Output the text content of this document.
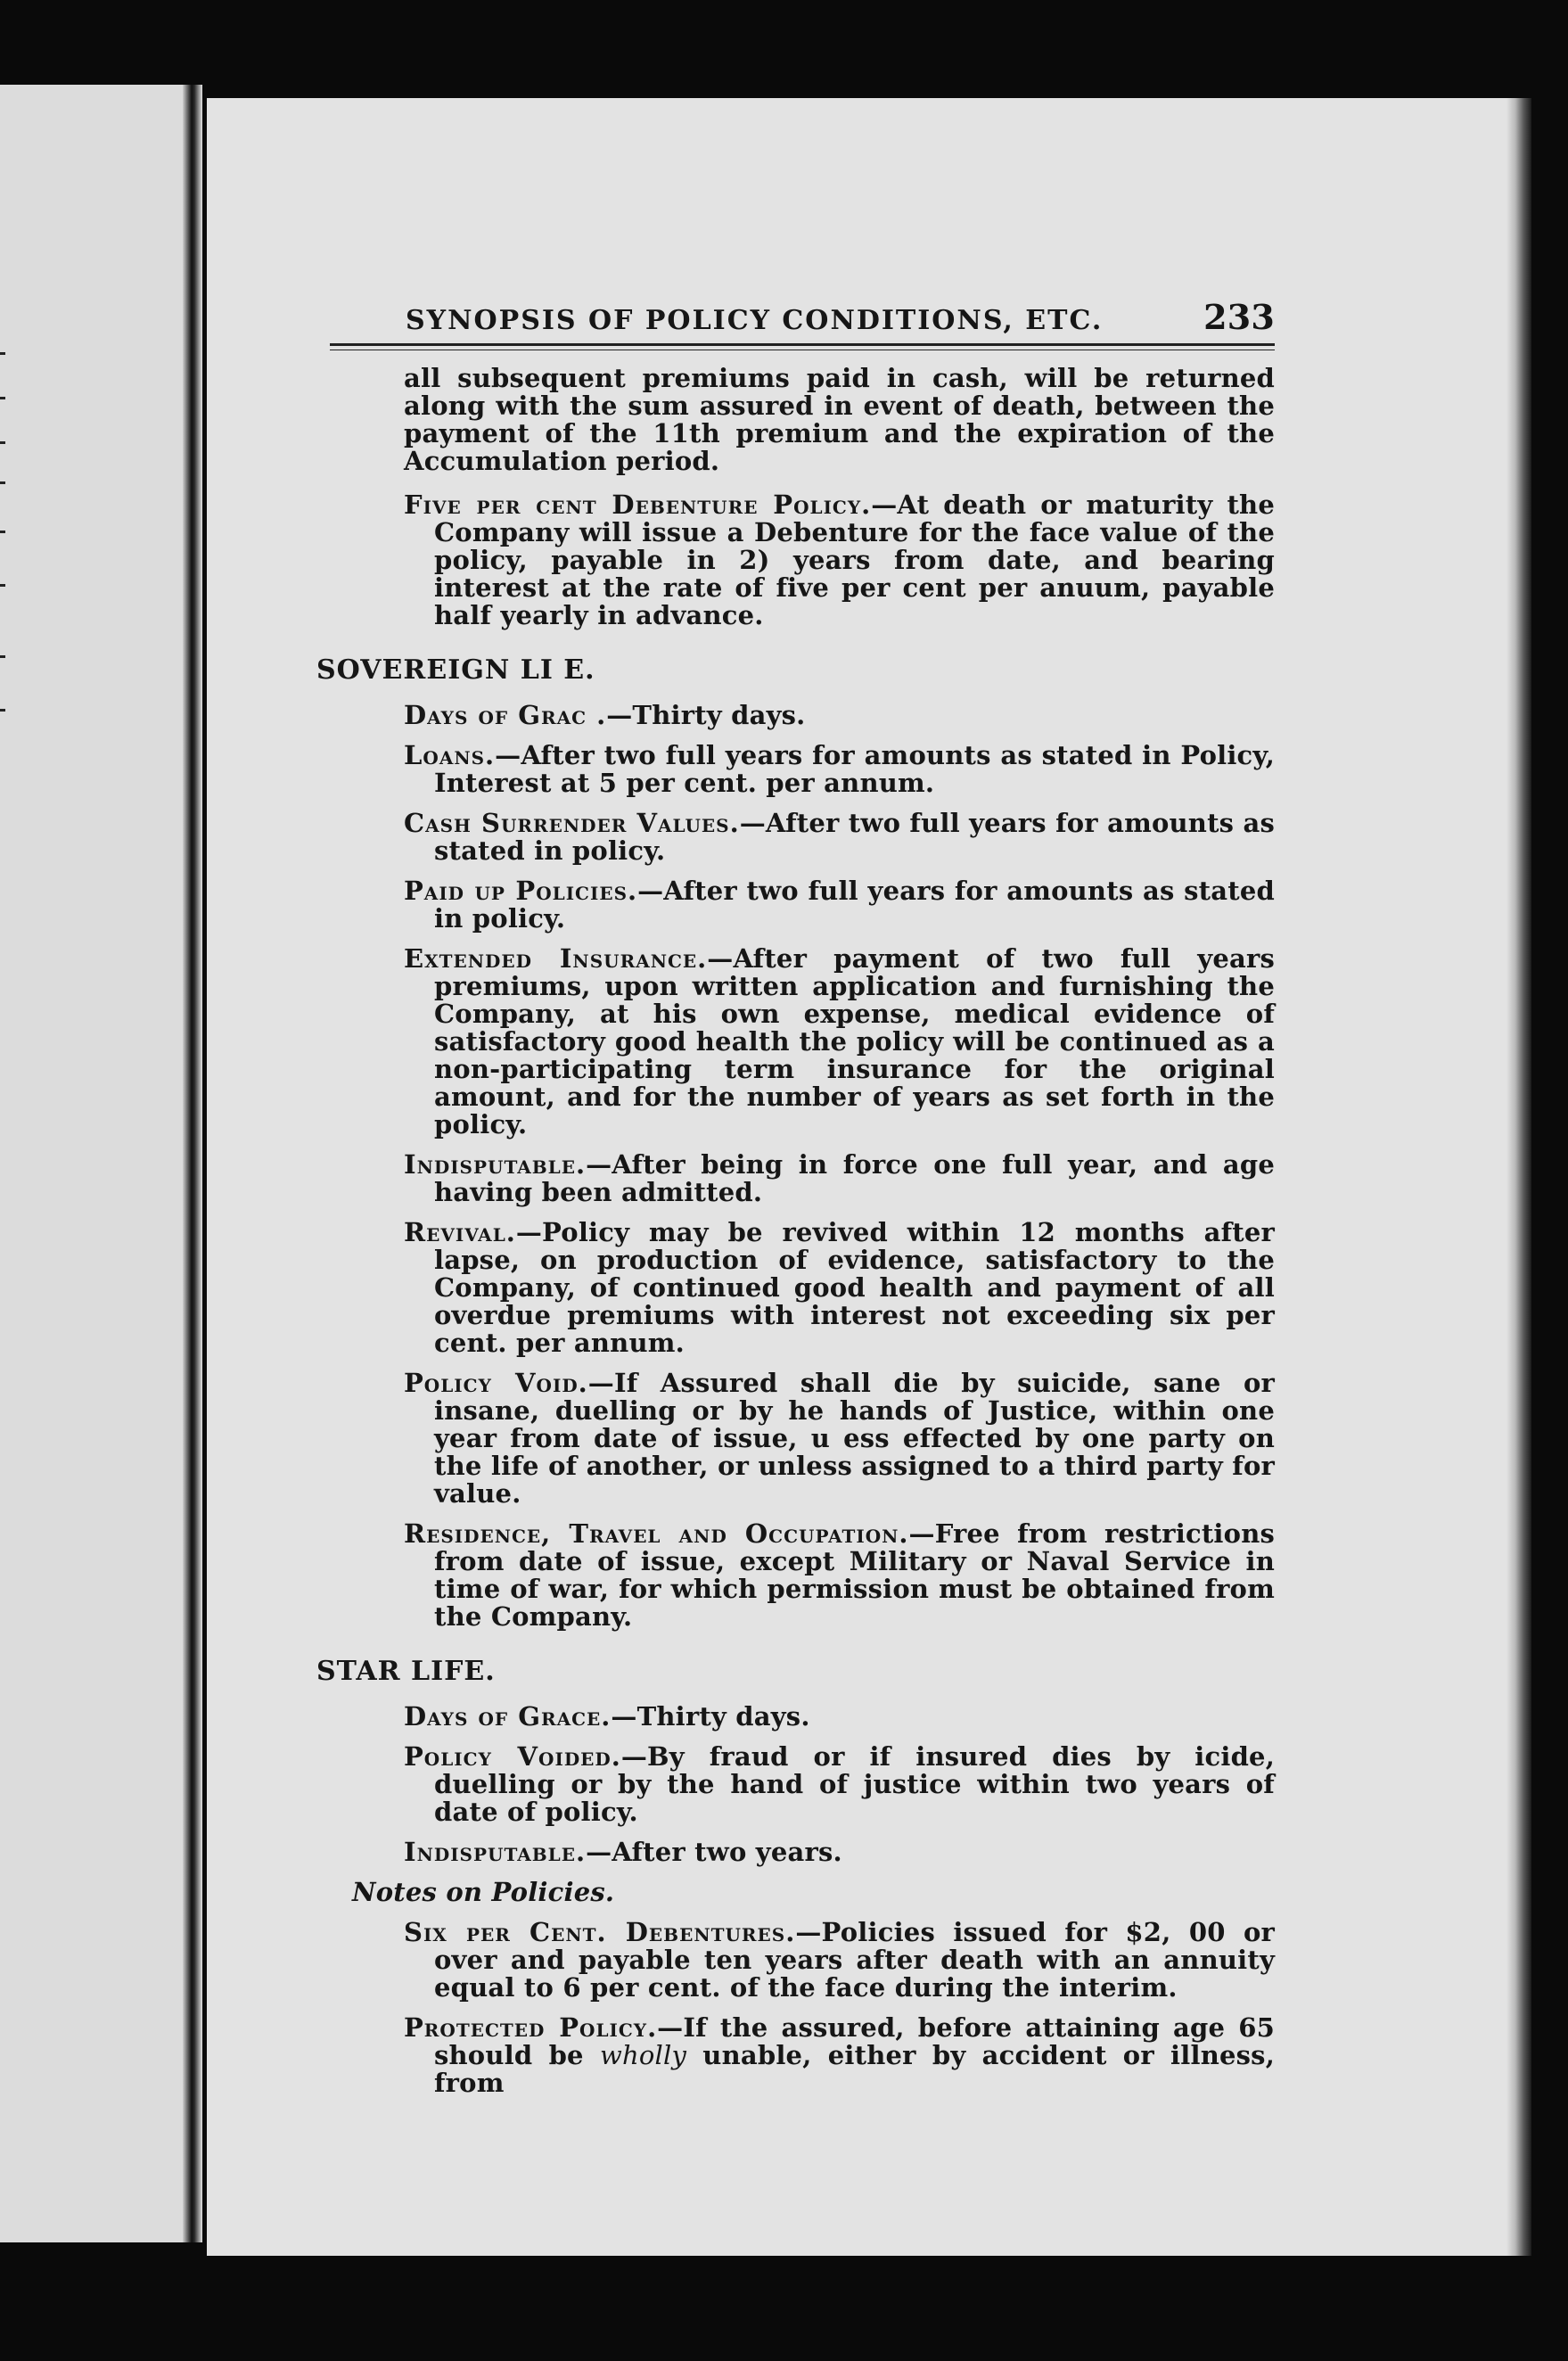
SYNOPSIS OF POLICY CONDITIONS, ETC.	233

all subsequent premiums paid in cash, will be returned along with the sum assured in event of death, between the payment of the 11th premium and the expiration of the Accumulation period.

Five per cent Debenture Policy.—At death or maturity the Company will issue a Debenture for the face value of the policy, payable in 2) years from date, and bearing interest at the rate of five per cent per anuum, payable half yearly in advance.

SOVEREIGN LI E.

Days of Grac .—Thirty days.

Loans.—After two full years for amounts as stated in Policy, Interest at 5 per cent. per annum.

Cash Surrender Values.—After two full years for amounts as stated in policy.

Paid up Policies.—After two full years for amounts as stated in policy.

Extended Insurance.—After payment of two full years premiums, upon written application and furnishing the Company, at his own expense, medical evidence of satisfactory good health the policy will be continued as a non-participating term insurance for the original amount, and for the number of years as set forth in the policy.

Indisputable.—After being in force one full year, and age having been admitted.

Revival.—Policy may be revived within 12 months after lapse, on production of evidence, satisfactory to the Company, of continued good health and payment of all overdue premiums with interest not exceeding six per cent. per annum.

Policy Void.—If Assured shall die by suicide, sane or insane, duelling or by he hands of Justice, within one year from date of issue, u ess effected by one party on the life of another, or unless assigned to a third party for value.

Residence, Travel and Occupation.—Free from restrictions from date of issue, except Military or Naval Service in time of war, for which permission must be obtained from the Company.

STAR LIFE.

Days of Grace.—Thirty days.

Policy Voided.—By fraud or if insured dies by icide, duelling or by the hand of justice within two years of date of policy.

Indisputable.—After two years.

Notes on Policies.

Six per Cent. Debentures.—Policies issued for $2, 00 or over and payable ten years after death with an annuity equal to 6 per cent. of the face during the interim.

Protected Policy.—If the assured, before attaining age 65 should be wholly unable, either by accident or illness, from
